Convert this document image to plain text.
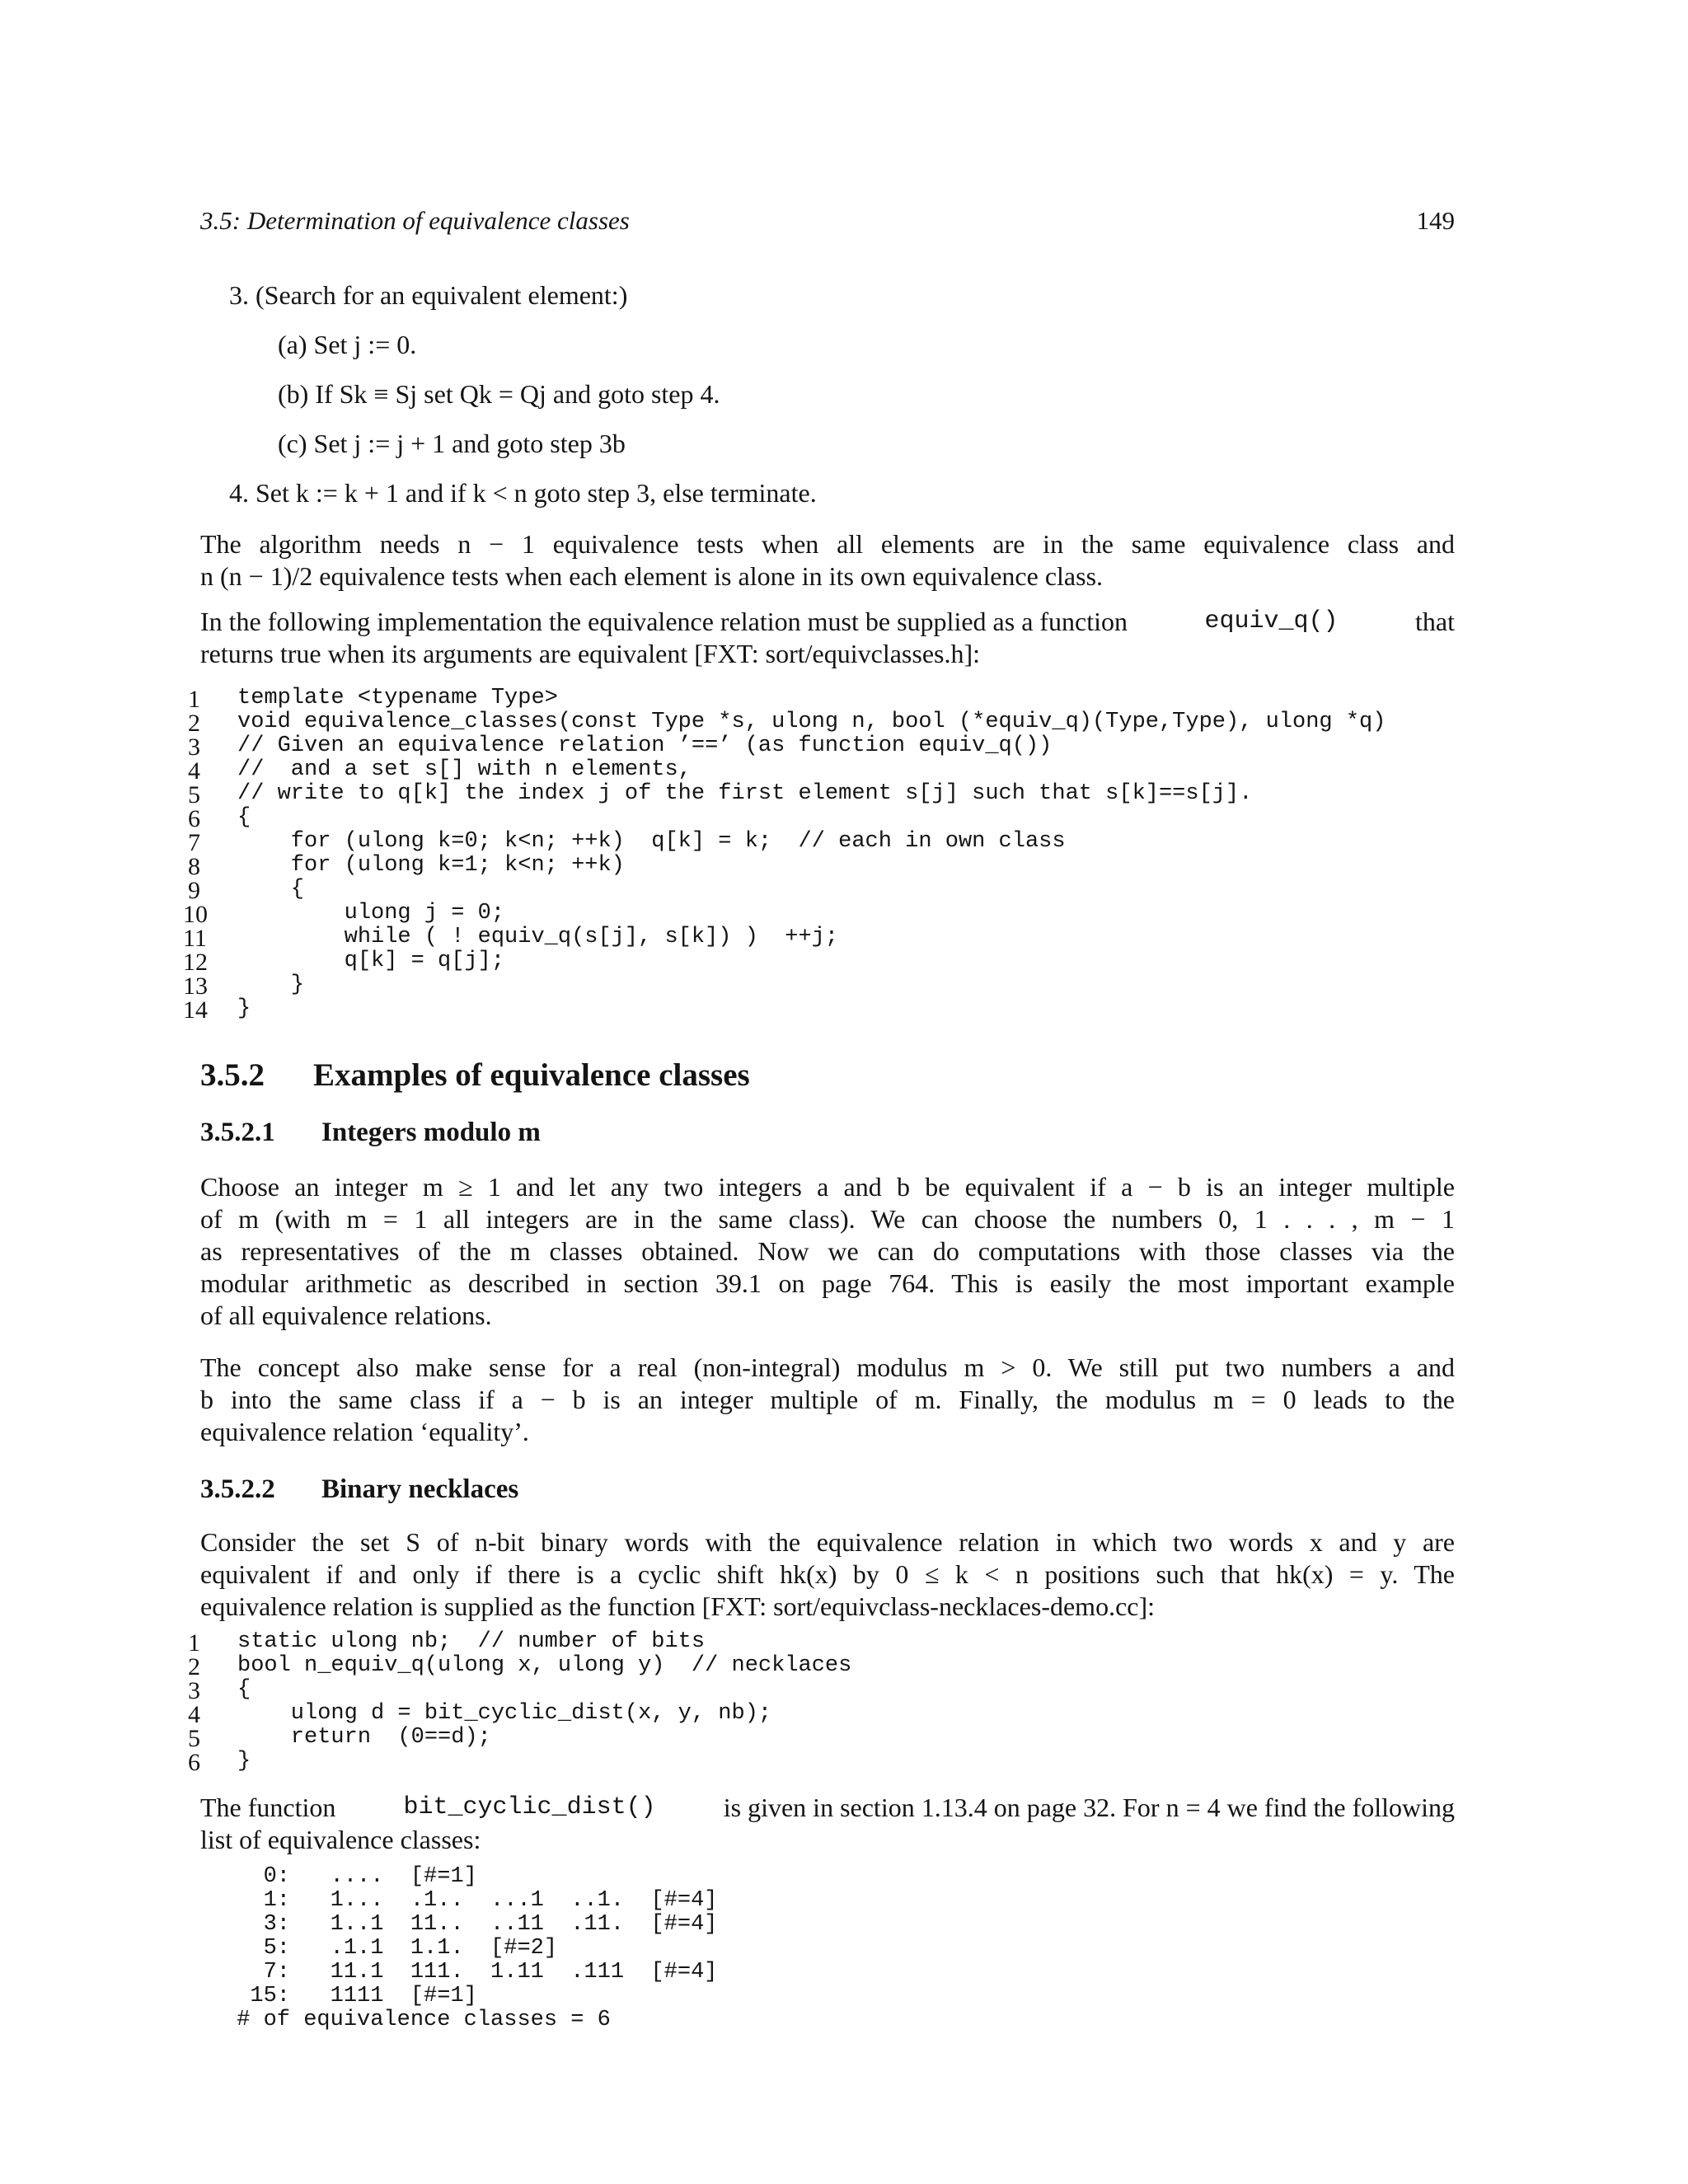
3.5: Determination of equivalence classes	149
3. (Search for an equivalent element:)
(a) Set j := 0.
(b) If Sk ≡ Sj set Qk = Qj and goto step 4.
(c) Set j := j + 1 and goto step 3b
4. Set k := k + 1 and if k < n goto step 3, else terminate.
The algorithm needs n − 1 equivalence tests when all elements are in the same equivalence class and
n (n − 1)/2 equivalence tests when each element is alone in its own equivalence class.
In the following implementation the equivalence relation must be supplied as a function	equiv_q()	that
returns true when its arguments are equivalent [FXT: sort/equivclasses.h]:
1 template <typename Type>
2 void equivalence_classes(const Type *s, ulong n, bool (*equiv_q)(Type,Type), ulong *q)
3 // Given an equivalence relation ’==’ (as function equiv_q())
4 //  and a set s[] with n elements,
5 // write to q[k] the index j of the first element s[j] such that s[k]==s[j].
6 {
7 for (ulong k=0; k<n; ++k)  q[k] = k;  // each in own class
8 for (ulong k=1; k<n; ++k)
9 {
10 ulong j = 0;
11 while ( ! equiv_q(s[j], s[k]) )  ++j;
12 q[k] = q[j];
13 }
14 }
3.5.2 Examples of equivalence classes
3.5.2.1 Integers modulo m
Choose an integer m ≥ 1 and let any two integers a and b be equivalent if a − b is an integer multiple
of m (with m = 1 all integers are in the same class). We can choose the numbers 0, 1 . . . , m − 1
as representatives of the m classes obtained. Now we can do computations with those classes via the
modular arithmetic as described in section 39.1 on page 764. This is easily the most important example
of all equivalence relations.
The concept also make sense for a real (non-integral) modulus m > 0. We still put two numbers a and
b into the same class if a − b is an integer multiple of m. Finally, the modulus m = 0 leads to the
equivalence relation ‘equality’.
3.5.2.2 Binary necklaces
Consider the set S of n-bit binary words with the equivalence relation in which two words x and y are
equivalent if and only if there is a cyclic shift hk(x) by 0 ≤ k < n positions such that hk(x) = y. The
equivalence relation is supplied as the function [FXT: sort/equivclass-necklaces-demo.cc]:
1 static ulong nb;  // number of bits
2 bool n_equiv_q(ulong x, ulong y)  // necklaces
3 {
4 ulong d = bit_cyclic_dist(x, y, nb);
5 return  (0==d);
6 }
The function	bit_cyclic_dist()	is given in section 1.13.4 on page 32. For n = 4 we find the following
list of equivalence classes:
0:   ....  [#=1]
1:   1...  .1..  ...1  ..1.  [#=4]
3:   1..1  11..  ..11  .11.  [#=4]
5:   .1.1  1.1.  [#=2]
7:   11.1  111.  1.11  .111  [#=4]
15:   1111  [#=1]
# of equivalence classes = 6
